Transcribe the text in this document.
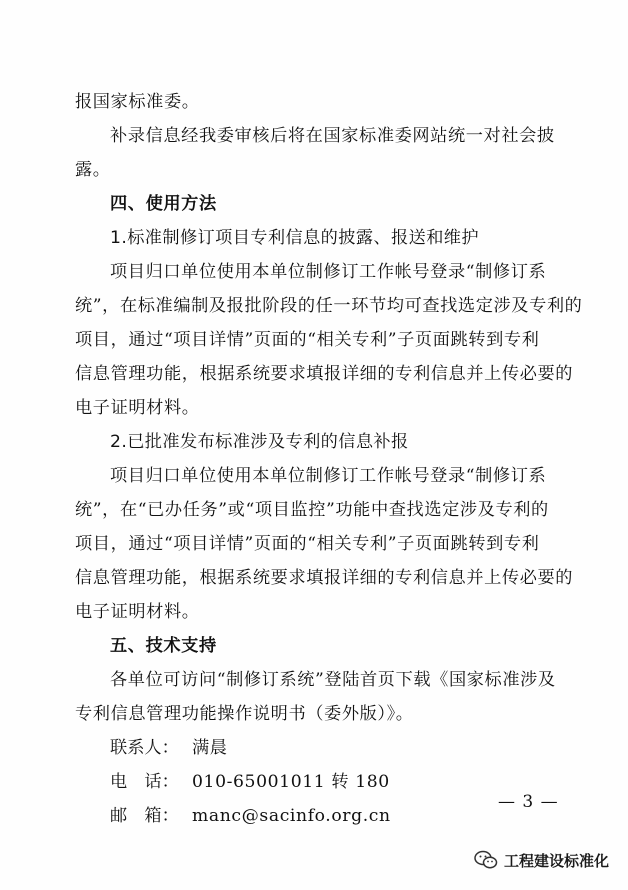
报国家标准委。
补录信息经我委审核后将在国家标准委网站统一对社会披
露。
四、使用方法
1.标准制修订项目专利信息的披露、报送和维护
项目归口单位使用本单位制修订工作帐号登录“制修订系
统”，在标准编制及报批阶段的任一环节均可查找选定涉及专利的
项目，通过“项目详情”页面的“相关专利”子页面跳转到专利
信息管理功能，根据系统要求填报详细的专利信息并上传必要的
电子证明材料。
2.已批准发布标准涉及专利的信息补报
项目归口单位使用本单位制修订工作帐号登录“制修订系
统”，在“已办任务”或“项目监控”功能中查找选定涉及专利的
项目，通过“项目详情”页面的“相关专利”子页面跳转到专利
信息管理功能，根据系统要求填报详细的专利信息并上传必要的
电子证明材料。
五、技术支持
各单位可访问“制修订系统”登陆首页下载《国家标准涉及
专利信息管理功能操作说明书（委外版）》。
联系人： 满晨
电　话： 010-65001011 转 180
邮　箱： manc@sacinfo.org.cn
— 3 —
工程建设标准化
